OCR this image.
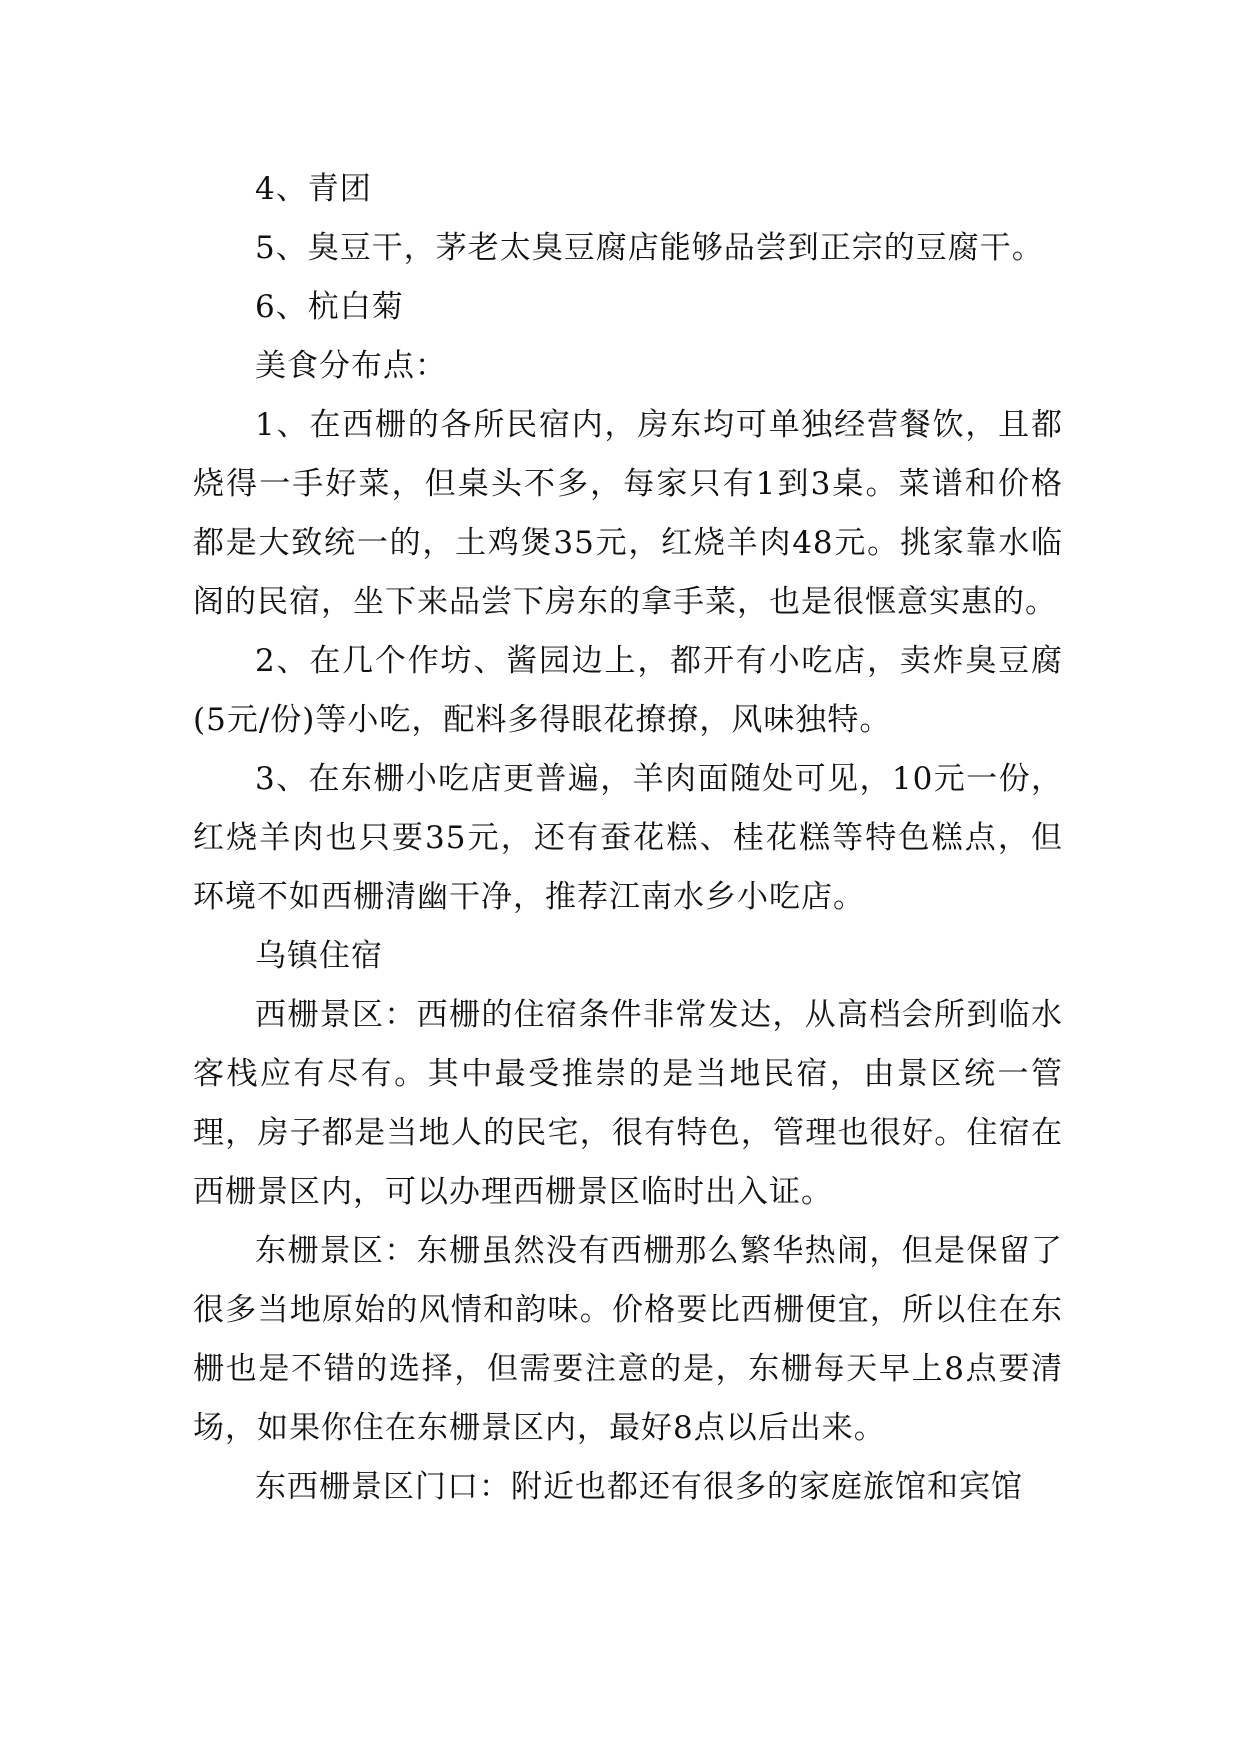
4、青团

5、臭豆干，茅老太臭豆腐店能够品尝到正宗的豆腐干。

6、杭白菊

美食分布点：

1、在西栅的各所民宿内，房东均可单独经营餐饮，且都烧得一手好菜，但桌头不多，每家只有1到3桌。菜谱和价格都是大致统一的，土鸡煲35元，红烧羊肉48元。挑家靠水临阁的民宿，坐下来品尝下房东的拿手菜，也是很惬意实惠的。

2、在几个作坊、酱园边上，都开有小吃店，卖炸臭豆腐(5元/份)等小吃，配料多得眼花撩撩，风味独特。

3、在东栅小吃店更普遍，羊肉面随处可见，10元一份，红烧羊肉也只要35元，还有蚕花糕、桂花糕等特色糕点，但环境不如西栅清幽干净，推荐江南水乡小吃店。

乌镇住宿

西栅景区：西栅的住宿条件非常发达，从高档会所到临水客栈应有尽有。其中最受推崇的是当地民宿，由景区统一管理，房子都是当地人的民宅，很有特色，管理也很好。住宿在西栅景区内，可以办理西栅景区临时出入证。

东栅景区：东栅虽然没有西栅那么繁华热闹，但是保留了很多当地原始的风情和韵味。价格要比西栅便宜，所以住在东栅也是不错的选择，但需要注意的是，东栅每天早上8点要清场，如果你住在东栅景区内，最好8点以后出来。

东西栅景区门口：附近也都还有很多的家庭旅馆和宾馆
